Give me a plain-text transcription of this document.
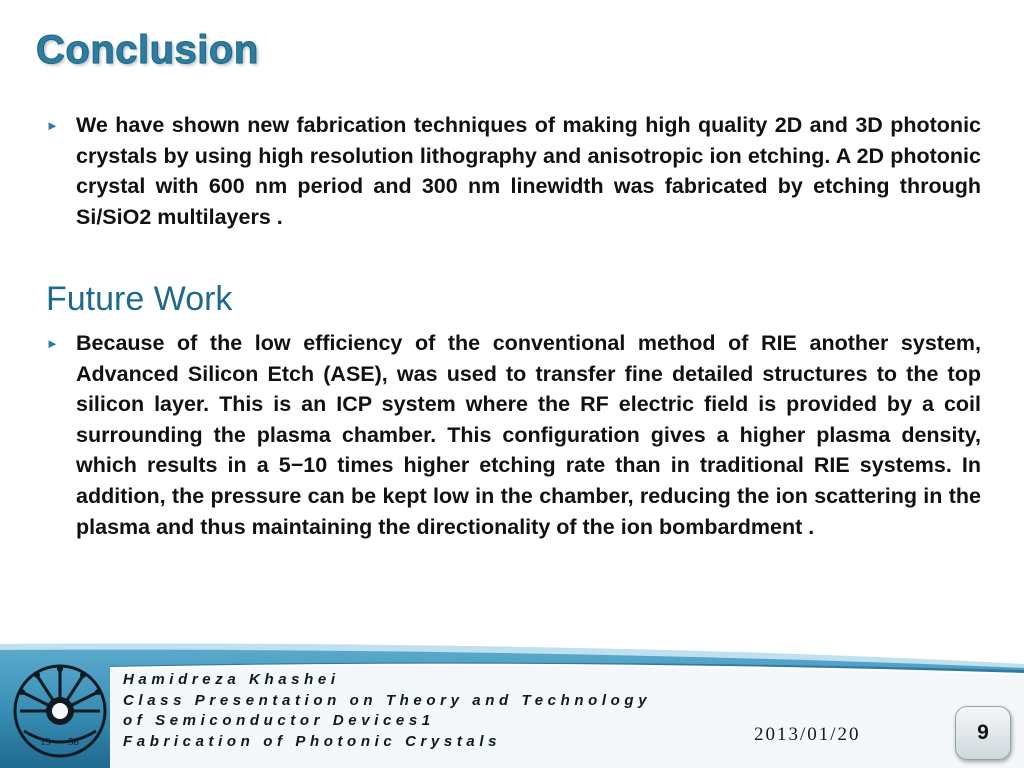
Conclusion
► We have shown new fabrication techniques of making high quality 2D and 3D photonic crystals by using high resolution lithography and anisotropic ion etching. A 2D photonic crystal with 600 nm period and 300 nm linewidth was fabricated by etching through Si/SiO2 multilayers .
Future Work
► Because of the low efficiency of the conventional method of RIE another system, Advanced Silicon Etch (ASE), was used to transfer fine detailed structures to the top silicon layer. This is an ICP system where the RF electric field is provided by a coil surrounding the plasma chamber. This configuration gives a higher plasma density, which results in a 5−10 times higher etching rate than in traditional RIE systems. In addition, the pressure can be kept low in the chamber, reducing the ion scattering in the plasma and thus maintaining the directionality of the ion bombardment .
19 58
Hamidreza Khashei
Class Presentation on Theory and Technology
of Semiconductor Devices1
Fabrication of Photonic Crystals	2013/01/20	9
